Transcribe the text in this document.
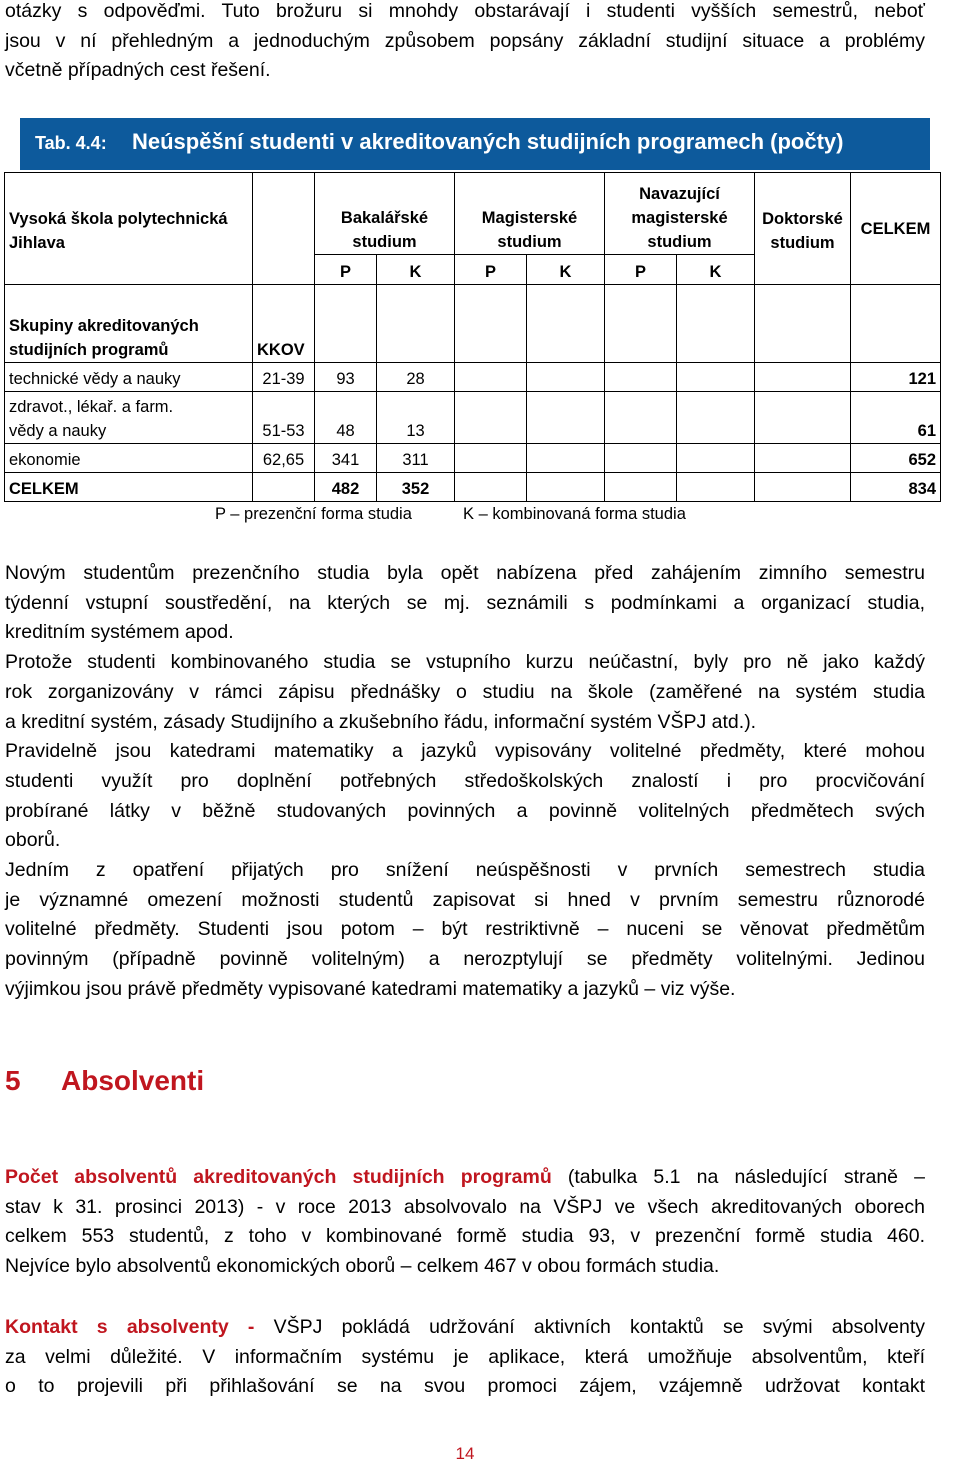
otázky s odpověďmi. Tuto brožuru si mnohdy obstarávají i studenti vyšších semestrů, neboť
jsou v ní přehledným a jednoduchým způsobem popsány základní studijní situace a problémy
včetně případných cest řešení.
Tab. 4.4: Neúspěšní studenti v akreditovaných studijních programech (počty)
Vysoká škola polytechnická Jihlava		Bakalářské studium		Magisterské studium		Navazující magisterské studium		Doktorské studium	CELKEM
		P	K	P	K	P	K		
Skupiny akreditovaných studijních programů	KKOV								
technické vědy a nauky	21-39	93	28						121
zdravot., lékař. a farm. vědy a nauky	51-53	48	13						61
ekonomie	62,65	341	311						652
CELKEM		482	352						834
P – prezenční forma studia	K – kombinovaná forma studia
Novým studentům prezenčního studia byla opět nabízena před zahájením zimního semestru
týdenní vstupní soustředění, na kterých se mj. seznámili s podmínkami a organizací studia,
kreditním systémem apod.
Protože studenti kombinovaného studia se vstupního kurzu neúčastní, byly pro ně jako každý
rok zorganizovány v rámci zápisu přednášky o studiu na škole (zaměřené na systém studia
a kreditní systém, zásady Studijního a zkušebního řádu, informační systém VŠPJ atd.).
Pravidelně jsou katedrami matematiky a jazyků vypisovány volitelné předměty, které mohou
studenti využít pro doplnění potřebných středoškolských znalostí i pro procvičování
probírané látky v běžně studovaných povinných a povinně volitelných předmětech svých
oborů.
Jedním z opatření přijatých pro snížení neúspěšnosti v prvních semestrech studia
je významné omezení možnosti studentů zapisovat si hned v prvním semestru různorodé
volitelné předměty. Studenti jsou potom – být restriktivně – nuceni se věnovat předmětům
povinným (případně povinně volitelným) a nerozptylují se předměty volitelnými. Jedinou
výjimkou jsou právě předměty vypisované katedrami matematiky a jazyků – viz výše.
5 Absolventi
Počet absolventů akreditovaných studijních programů (tabulka 5.1 na následující straně –
stav k 31. prosinci 2013) - v roce 2013 absolvovalo na VŠPJ ve všech akreditovaných oborech
celkem 553 studentů, z toho v kombinované formě studia 93, v prezenční formě studia 460.
Nejvíce bylo absolventů ekonomických oborů – celkem 467 v obou formách studia.
Kontakt s absolventy - VŠPJ pokládá udržování aktivních kontaktů se svými absolventy
za velmi důležité. V informačním systému je aplikace, která umožňuje absolventům, kteří
o to projevili při přihlašování se na svou promoci zájem, vzájemně udržovat kontakt
14
